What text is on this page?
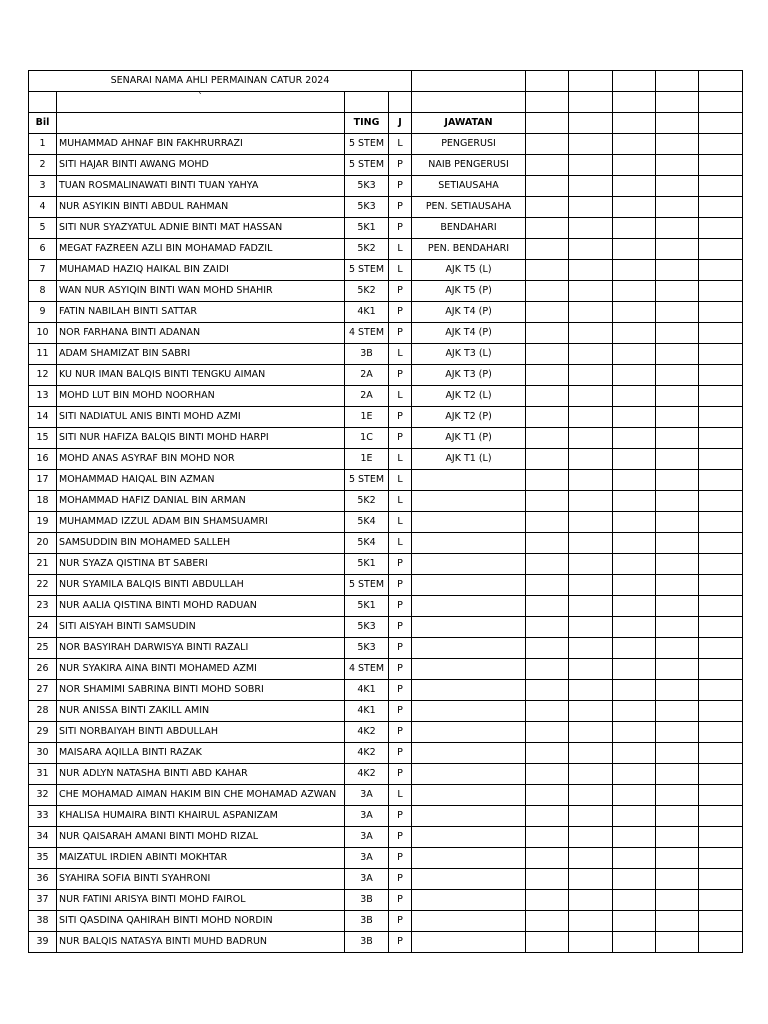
SENARAI NAMA AHLI PERMAINAN CATUR 2024									
	`								
Bil		TING	J	JAWATAN					
1	MUHAMMAD AHNAF BIN FAKHRURRAZI	5 STEM	L	PENGERUSI					
2	SITI HAJAR BINTI AWANG MOHD	5 STEM	P	NAIB PENGERUSI					
3	TUAN ROSMALINAWATI BINTI TUAN YAHYA	5K3	P	SETIAUSAHA					
4	NUR ASYIKIN BINTI ABDUL RAHMAN	5K3	P	PEN. SETIAUSAHA					
5	SITI NUR SYAZYATUL ADNIE BINTI MAT HASSAN	5K1	P	BENDAHARI					
6	MEGAT FAZREEN AZLI BIN MOHAMAD FADZIL	5K2	L	PEN. BENDAHARI					
7	MUHAMAD HAZIQ HAIKAL BIN ZAIDI	5 STEM	L	AJK T5 (L)					
8	WAN NUR ASYIQIN BINTI WAN MOHD SHAHIR	5K2	P	AJK T5 (P)					
9	FATIN NABILAH BINTI SATTAR	4K1	P	AJK T4 (P)					
10	NOR FARHANA BINTI ADANAN	4 STEM	P	AJK T4 (P)					
11	ADAM SHAMIZAT BIN SABRI	3B	L	AJK T3 (L)					
12	KU NUR IMAN BALQIS BINTI TENGKU AIMAN	2A	P	AJK T3 (P)					
13	MOHD LUT BIN MOHD NOORHAN	2A	L	AJK T2 (L)					
14	SITI NADIATUL ANIS BINTI MOHD AZMI	1E	P	AJK T2 (P)					
15	SITI NUR HAFIZA BALQIS BINTI MOHD HARPI	1C	P	AJK T1 (P)					
16	MOHD ANAS ASYRAF BIN MOHD NOR	1E	L	AJK T1 (L)					
17	MOHAMMAD HAIQAL BIN AZMAN	5 STEM	L						
18	MOHAMMAD HAFIZ DANIAL BIN ARMAN	5K2	L						
19	MUHAMMAD IZZUL ADAM BIN SHAMSUAMRI	5K4	L						
20	SAMSUDDIN BIN MOHAMED SALLEH	5K4	L						
21	NUR SYAZA QISTINA BT SABERI	5K1	P						
22	NUR SYAMILA BALQIS BINTI ABDULLAH	5 STEM	P						
23	NUR AALIA QISTINA BINTI MOHD RADUAN	5K1	P						
24	SITI AISYAH BINTI SAMSUDIN	5K3	P						
25	NOR BASYIRAH DARWISYA BINTI RAZALI	5K3	P						
26	NUR SYAKIRA AINA BINTI MOHAMED AZMI	4 STEM	P						
27	NOR SHAMIMI SABRINA BINTI MOHD SOBRI	4K1	P						
28	NUR ANISSA BINTI ZAKILL AMIN	4K1	P						
29	SITI NORBAIYAH BINTI ABDULLAH	4K2	P						
30	MAISARA AQILLA BINTI RAZAK	4K2	P						
31	NUR ADLYN NATASHA BINTI ABD KAHAR	4K2	P						
32	CHE MOHAMAD AIMAN HAKIM BIN CHE MOHAMAD AZWAN	3A	L						
33	KHALISA HUMAIRA BINTI KHAIRUL ASPANIZAM	3A	P						
34	NUR QAISARAH AMANI BINTI MOHD RIZAL	3A	P						
35	MAIZATUL IRDIEN ABINTI MOKHTAR	3A	P						
36	SYAHIRA SOFIA BINTI SYAHRONI	3A	P						
37	NUR FATINI ARISYA BINTI MOHD FAIROL	3B	P						
38	SITI QASDINA QAHIRAH BINTI MOHD NORDIN	3B	P						
39	NUR BALQIS NATASYA BINTI MUHD BADRUN	3B	P						
